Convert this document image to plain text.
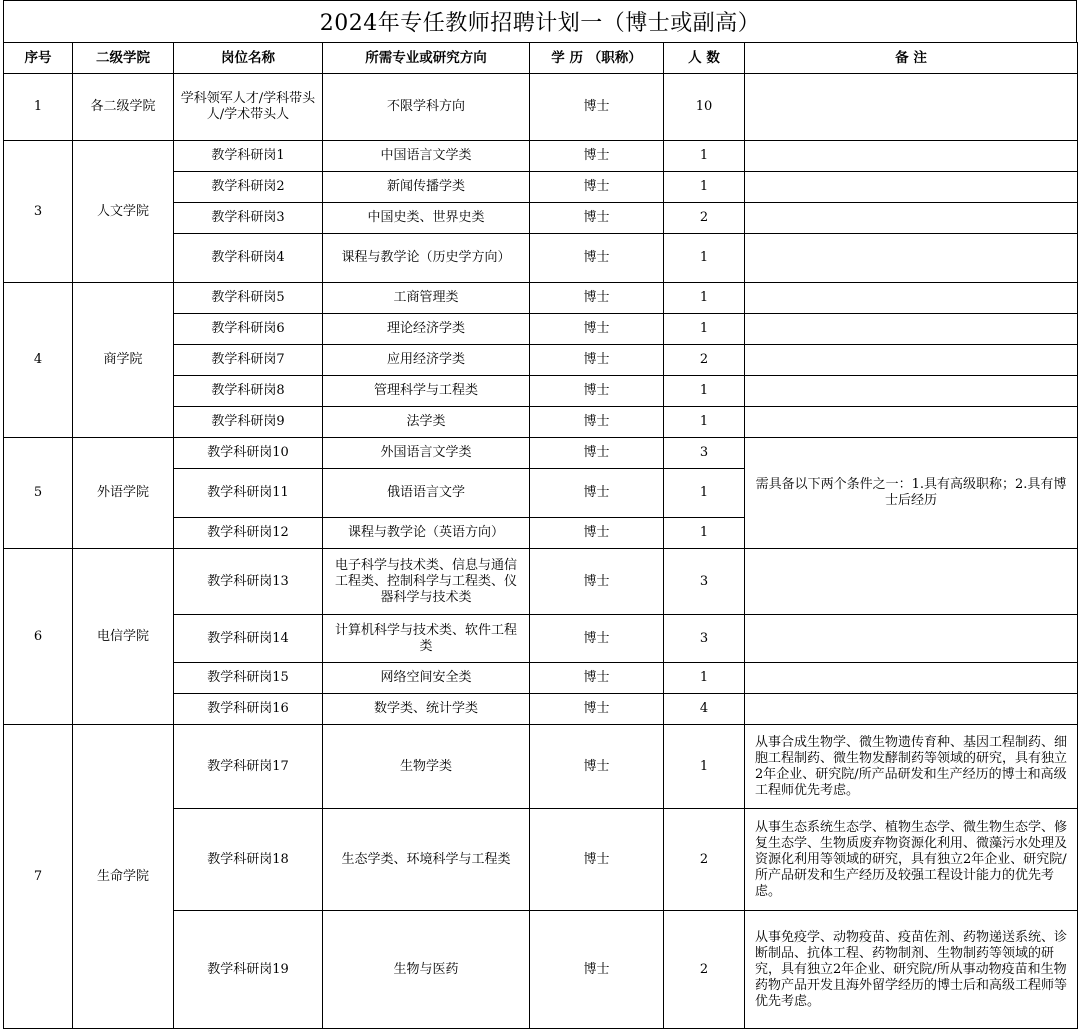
2024年专任教师招聘计划一（博士或副高）
序号	二级学院	岗位名称	所需专业或研究方向	学 历 （职称）	人 数	备 注
1	各二级学院	学科领军人才/学科带头人/学术带头人	不限学科方向	博士	10	
3	人文学院	教学科研岗1	中国语言文学类	博士	1	
		教学科研岗2	新闻传播学类	博士	1	
		教学科研岗3	中国史类、世界史类	博士	2	
		教学科研岗4	课程与教学论（历史学方向）	博士	1	
4	商学院	教学科研岗5	工商管理类	博士	1	
		教学科研岗6	理论经济学类	博士	1	
		教学科研岗7	应用经济学类	博士	2	
		教学科研岗8	管理科学与工程类	博士	1	
		教学科研岗9	法学类	博士	1	
5	外语学院	教学科研岗10	外国语言文学类	博士	3	需具备以下两个条件之一：1.具有高级职称；2.具有博士后经历
		教学科研岗11	俄语语言文学	博士	1	
		教学科研岗12	课程与教学论（英语方向）	博士	1	
6	电信学院	教学科研岗13	电子科学与技术类、信息与通信工程类、控制科学与工程类、仪器科学与技术类	博士	3	
		教学科研岗14	计算机科学与技术类、软件工程类	博士	3	
		教学科研岗15	网络空间安全类	博士	1	
		教学科研岗16	数学类、统计学类	博士	4	
7	生命学院	教学科研岗17	生物学类	博士	1	从事合成生物学、微生物遗传育种、基因工程制药、细胞工程制药、微生物发酵制药等领域的研究，具有独立2年企业、研究院/所产品研发和生产经历的博士和高级工程师优先考虑。
		教学科研岗18	生态学类、环境科学与工程类	博士	2	从事生态系统生态学、植物生态学、微生物生态学、修复生态学、生物质废弃物资源化利用、微藻污水处理及资源化利用等领域的研究，具有独立2年企业、研究院/所产品研发和生产经历及较强工程设计能力的优先考虑。
		教学科研岗19	生物与医药	博士	2	从事免疫学、动物疫苗、疫苗佐剂、药物递送系统、诊断制品、抗体工程、药物制剂、生物制药等领域的研究，具有独立2年企业、研究院/所从事动物疫苗和生物药物产品开发且海外留学经历的博士后和高级工程师等优先考虑。
